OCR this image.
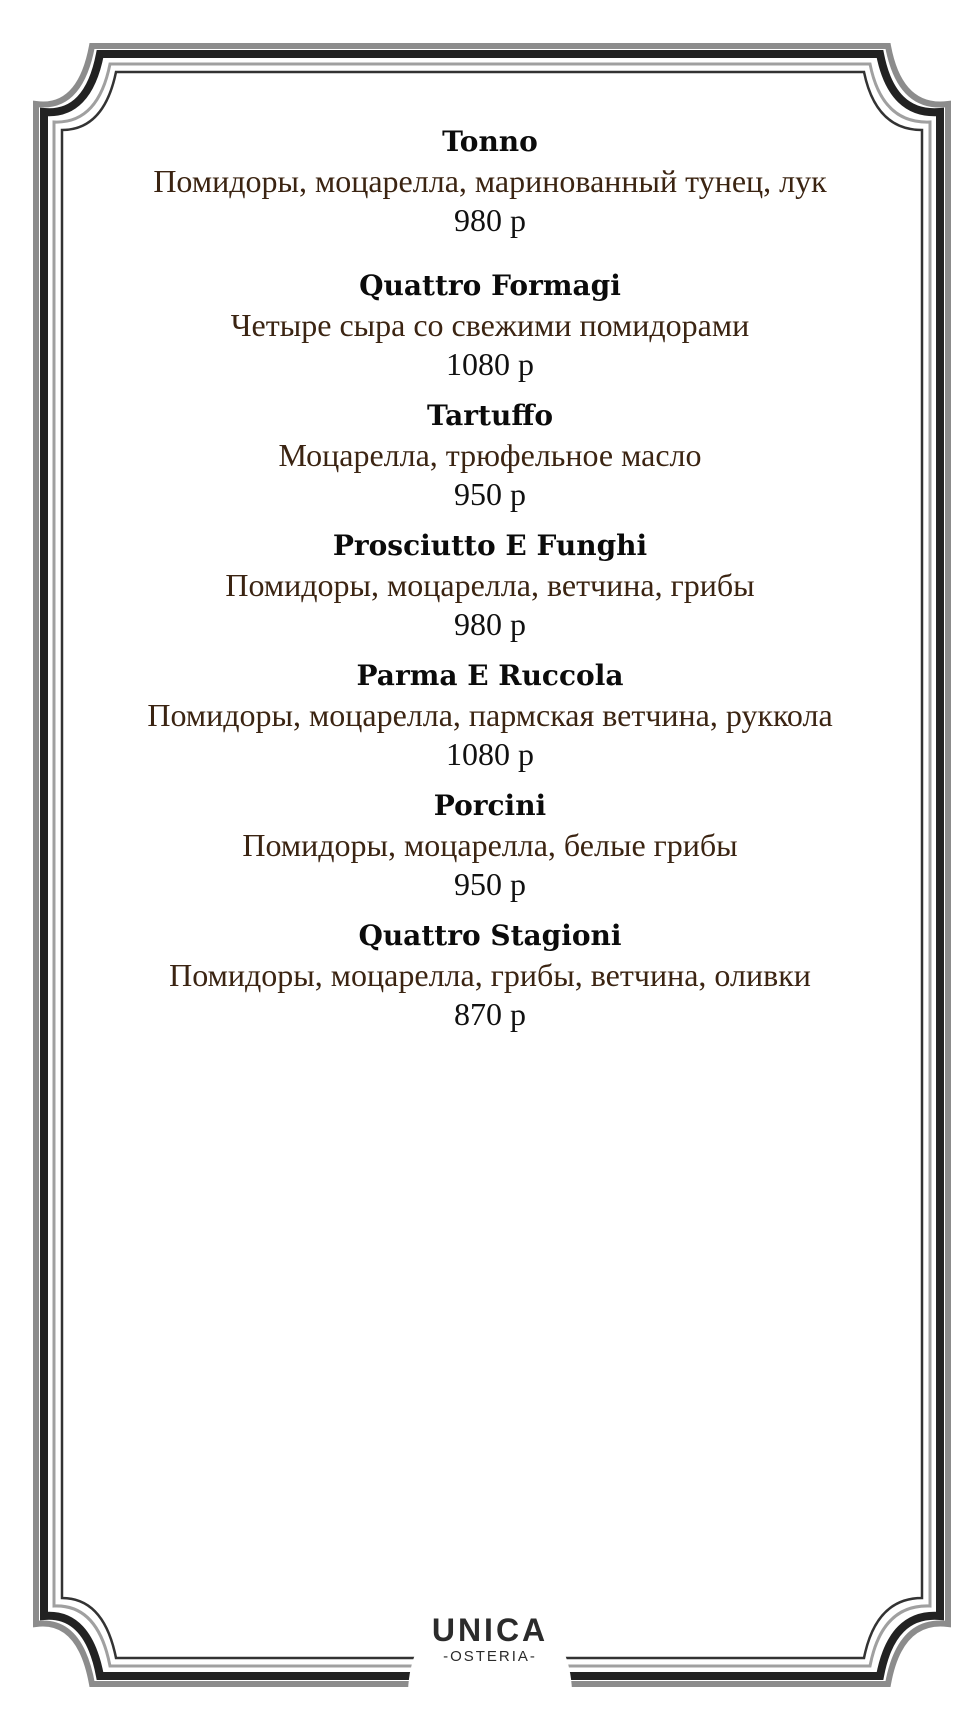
Tonno
Помидоры, моцарелла, маринованный тунец, лук
980 р
Quattro Formagi
Четыре сыра со свежими помидорами
1080 р
Tartuffo
Моцарелла, трюфельное масло
950 р
Prosciutto E Funghi
Помидоры, моцарелла, ветчина, грибы
980 р
Parma E Ruccola
Помидоры, моцарелла, пармская ветчина, руккола
1080 р
Porcini
Помидоры, моцарелла, белые грибы
950 р
Quattro Stagioni
Помидоры, моцарелла, грибы, ветчина, оливки
870 р
UNICA
-OSTERIA-
